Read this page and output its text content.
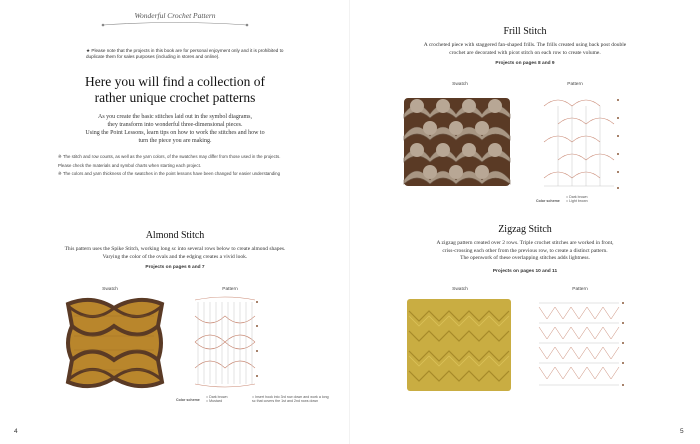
Wonderful Crochet Pattern
★ Please note that the projects in this book are for personal enjoyment only and it is prohibited to duplicate them for sales purposes (including in stores and online).
Here you will find a collection of
rather unique crochet patterns
As you create the basic stitches laid out in the symbol diagrams,
they transform into wonderful three-dimensional pieces.
Using the Point Lessons, learn tips on how to work the stitches and how to
turn the piece you are making.
※ The stitch and row counts, as well as the yarn colors, of the swatches may differ from those used in the projects.
Please check the materials and symbol charts when starting each project.
※ The colors and yarn thickness of the swatches in the point lessons have been changed for easier understanding
Almond Stitch
This pattern uses the Spike Stitch, working long sc into several rows below to create almond shapes.
Varying the color of the ovals and the edging creates a vivid look.
Projects on pages 6 and 7
Swatch	Pattern
Color scheme
= Dark brown
= Mustard
= Insert hook into 3rd row down and work a long
sc that covers the 1st and 2nd rows down
4
Frill Stitch
A crocheted piece with staggered fan-shaped frills. The frills created using back post double
crochet are decorated with picot stitch on each row to create volume.
Projects on pages 8 and 9
Swatch	Pattern
Color scheme
= Dark brown
= Light brown
Zigzag Stitch
A zigzag pattern created over 2 rows. Triple crochet stitches are worked in front,
criss-crossing each other from the previous row, to create a distinct pattern.
The openwork of these overlapping stitches adds lightness.
Projects on pages 10 and 11
Swatch	Pattern
5
